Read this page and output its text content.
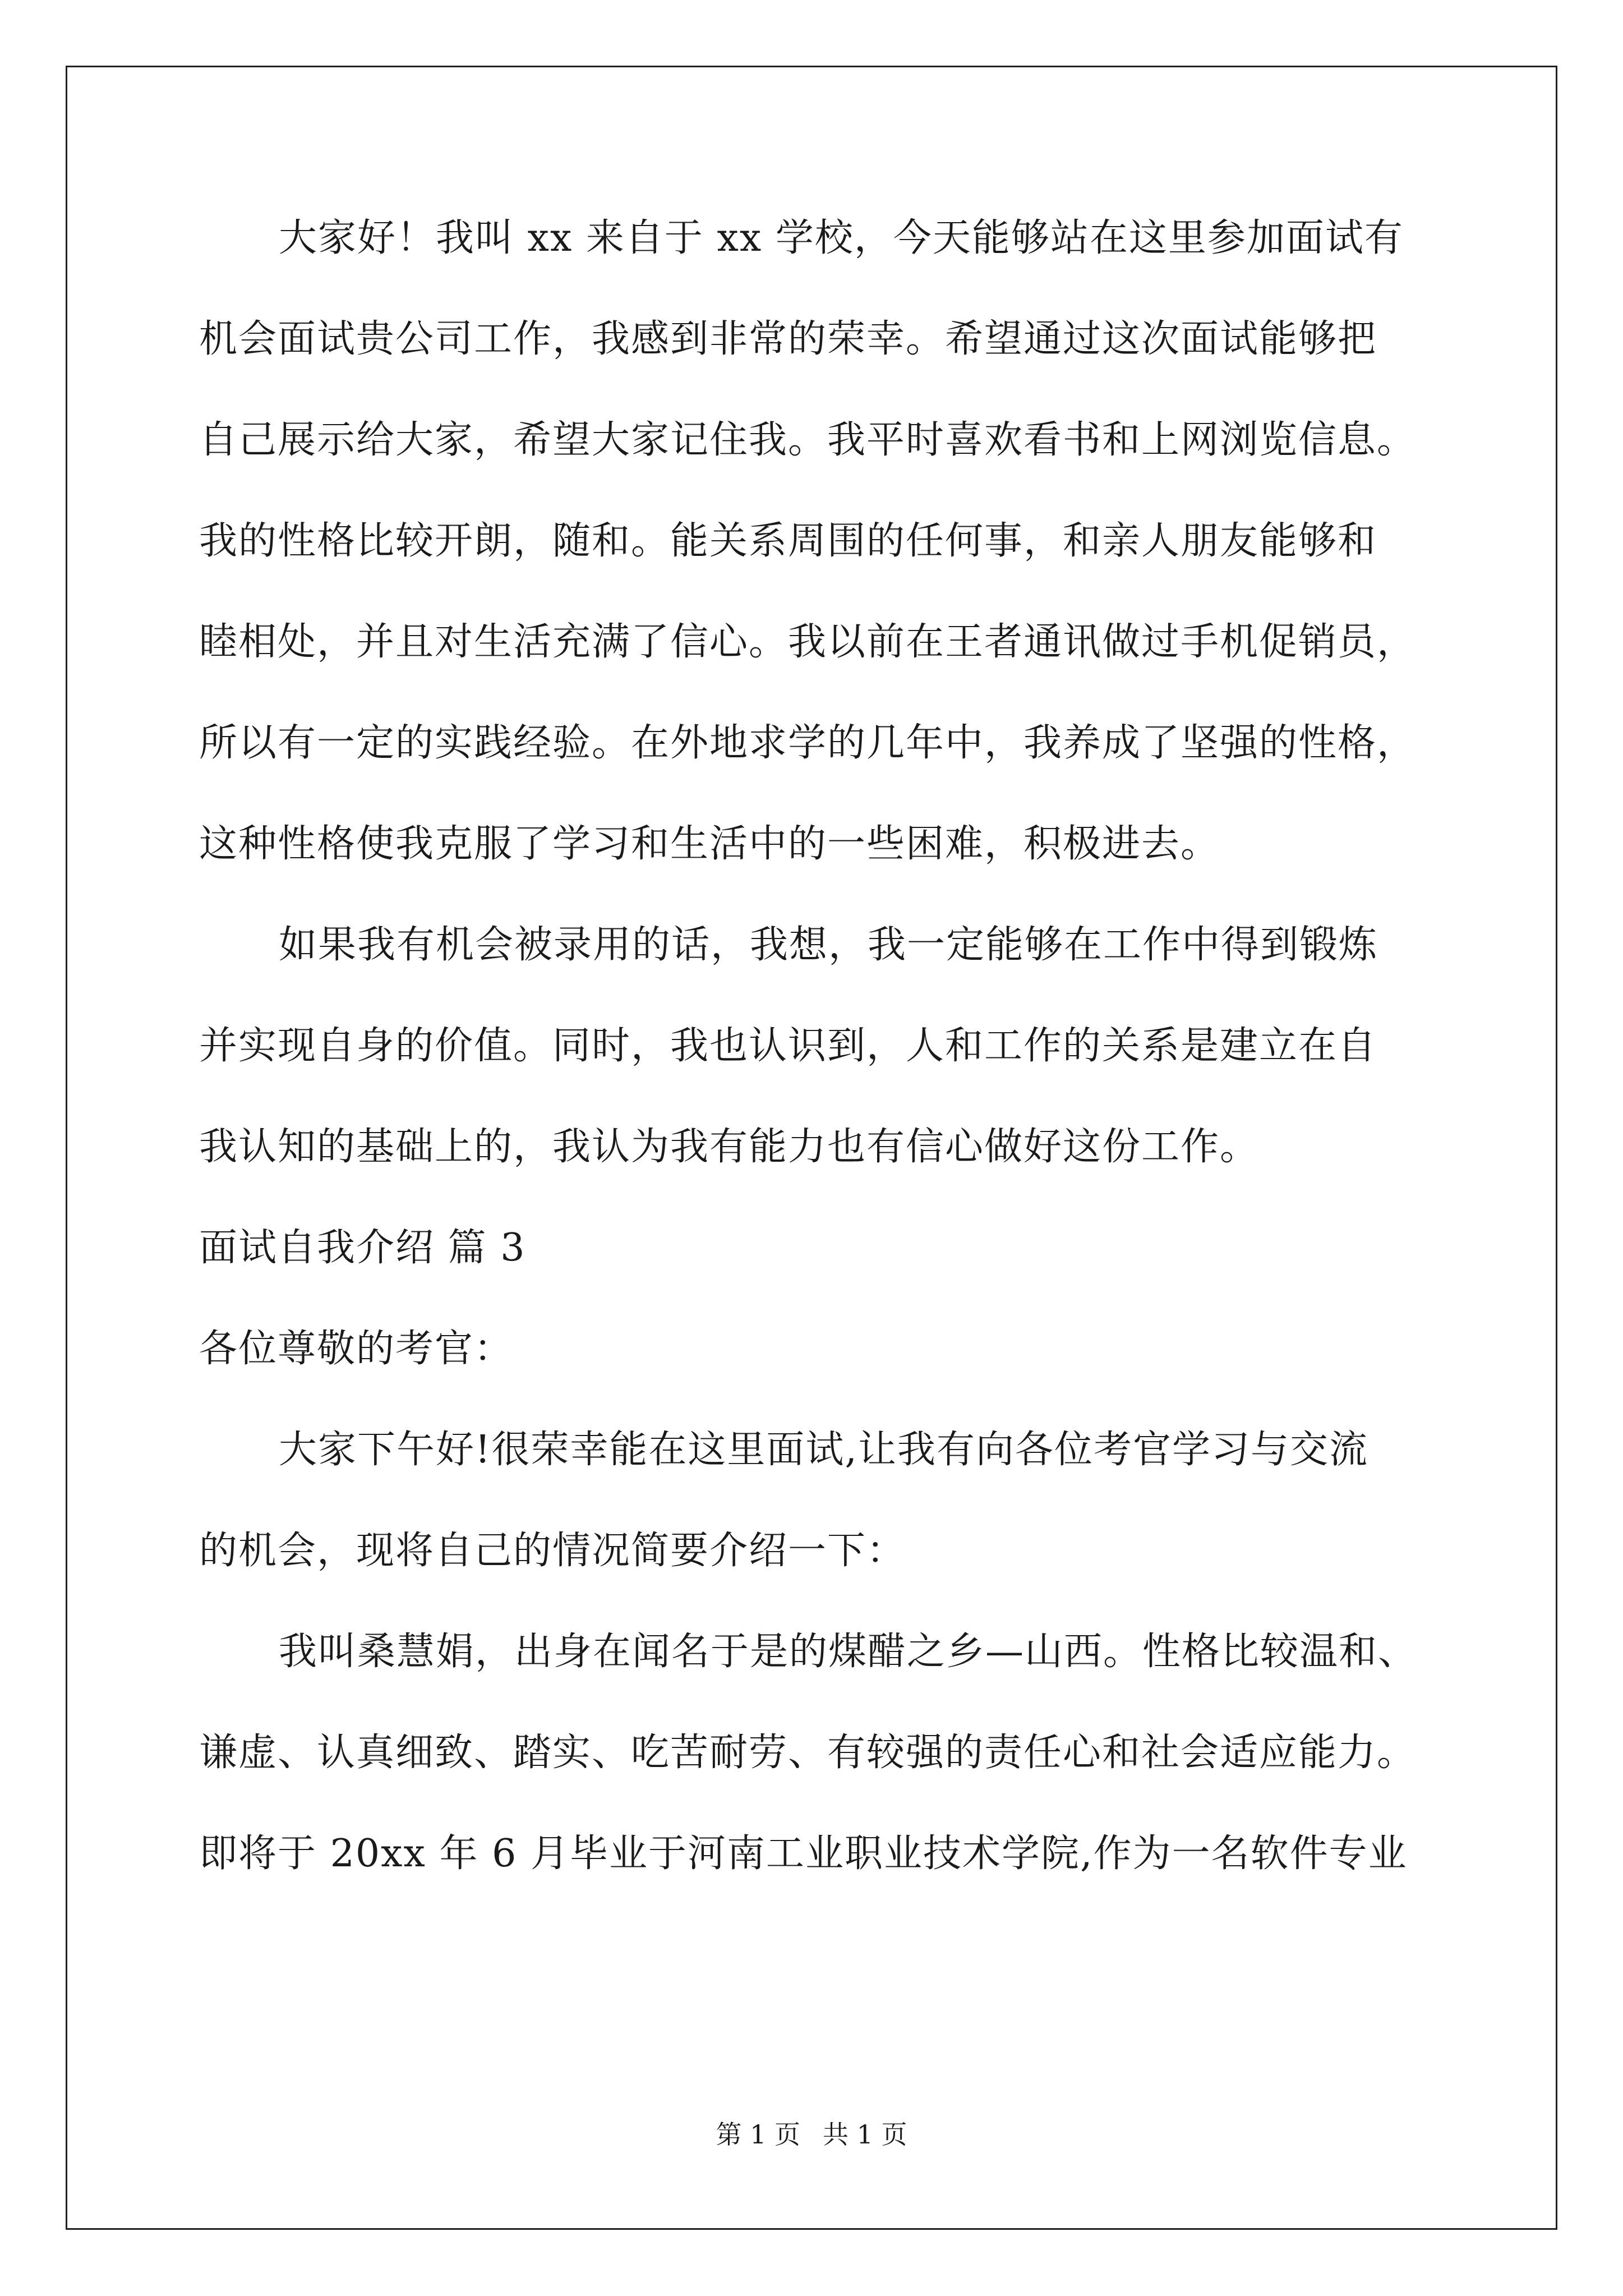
大家好！我叫 xx 来自于 xx 学校，今天能够站在这里参加面试有
机会面试贵公司工作，我感到非常的荣幸。希望通过这次面试能够把
自己展示给大家，希望大家记住我。我平时喜欢看书和上网浏览信息。
我的性格比较开朗，随和。能关系周围的任何事，和亲人朋友能够和
睦相处，并且对生活充满了信心。我以前在王者通讯做过手机促销员，
所以有一定的实践经验。在外地求学的几年中，我养成了坚强的性格，
这种性格使我克服了学习和生活中的一些困难，积极进去。
如果我有机会被录用的话，我想，我一定能够在工作中得到锻炼
并实现自身的价值。同时，我也认识到，人和工作的关系是建立在自
我认知的基础上的，我认为我有能力也有信心做好这份工作。
面试自我介绍 篇 3
各位尊敬的考官：
大家下午好!很荣幸能在这里面试,让我有向各位考官学习与交流
的机会，现将自己的情况简要介绍一下：
我叫桑慧娟，出身在闻名于是的煤醋之乡—山西。性格比较温和、
谦虚、认真细致、踏实、吃苦耐劳、有较强的责任心和社会适应能力。
即将于 20xx 年 6 月毕业于河南工业职业技术学院,作为一名软件专业
第 1 页 共 1 页
